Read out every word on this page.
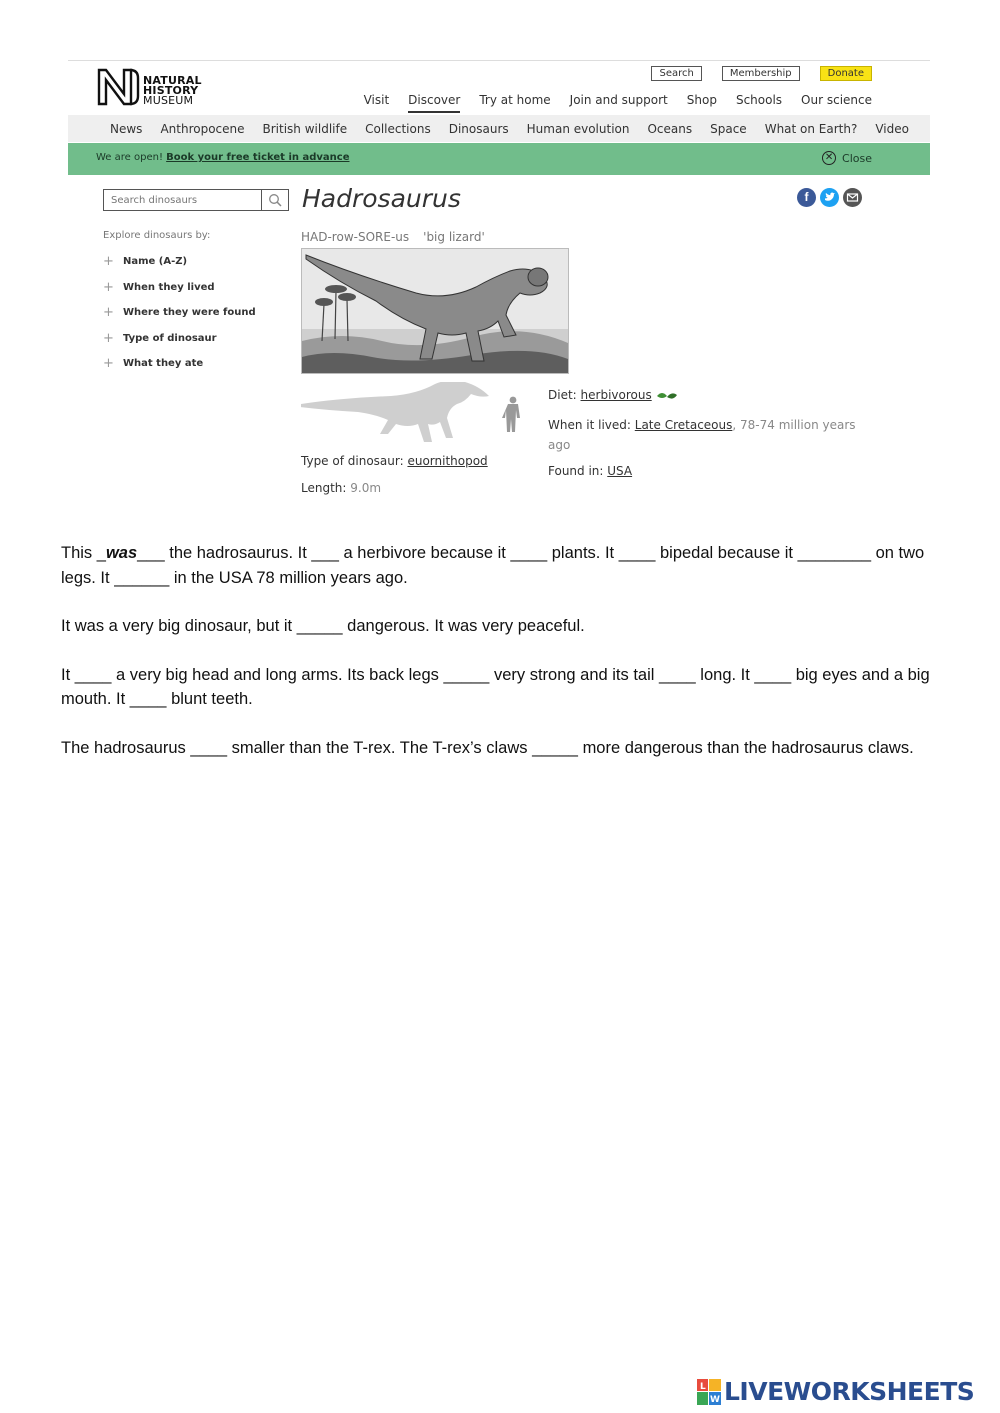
NATURAL
HISTORY
MUSEUM
Search	Membership	Donate
Visit Discover Try at home Join and support Shop Schools Our science
News Anthropocene British wildlife Collections Dinosaurs Human evolution Oceans Space What on Earth? Video
We are open! Book your free ticket in advance	✕ Close
Search dinosaurs
Explore dinosaurs by:
+ Name (A-Z)
+ When they lived
+ Where they were found
+ Type of dinosaur
+ What they ate
Hadrosaurus	f
HAD-row-SORE-us 'big lizard'
Type of dinosaur: euornithopod
Length: 9.0m
Diet: herbivorous
When it lived: Late Cretaceous, 78-74 million years ago
Found in: USA

This _was___ the hadrosaurus. It ___ a herbivore because it ____ plants. It ____ bipedal because it ________ on two legs. It ______ in the USA 78 million years ago.

It was a very big dinosaur, but it _____ dangerous. It was very peaceful.

It ____ a very big head and long arms. Its back legs _____ very strong and its tail ____ long. It ____ big eyes and a big mouth. It ____ blunt teeth.

The hadrosaurus ____ smaller than the T-rex. The T-rex’s claws _____ more dangerous than the hadrosaurus claws.

L
W LIVEWORKSHEETS
